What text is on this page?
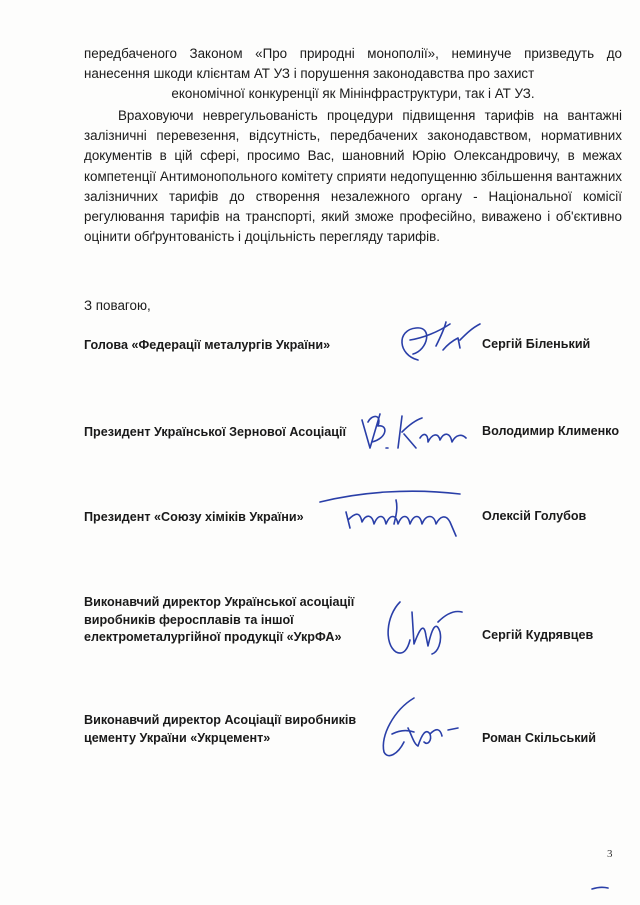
передбаченого Законом «Про природні монополії», неминуче призведуть до нанесення шкоди клієнтам АТ УЗ і порушення законодавства про захист
економічної конкуренції як Мінінфраструктури, так і АТ УЗ.

Враховуючи неврегульованість процедури підвищення тарифів на вантажні залізничні перевезення, відсутність, передбачених законодавством, нормативних документів в цій сфері, просимо Вас, шановний Юрію Олександровичу, в межах компетенції Антимонопольного комітету сприяти недопущенню збільшення вантажних залізничних тарифів до створення незалежного органу - Національної комісії регулювання тарифів на транспорті, який зможе професійно, виважено і об'єктивно оцінити обґрунтованість і доцільність перегляду тарифів.

З повагою,
Голова «Федерації металургів України»	Сергій Біленький
Президент Української Зернової Асоціації	Володимир Клименко
Президент «Союзу хіміків України»	Олексій Голубов
Виконавчий директор Української асоціації
виробників феросплавів та іншої
електрометалургійної продукції «УкрФА»	Сергій Кудрявцев
Виконавчий директор Асоціації виробників
цементу України «Укрцемент»	Роман Скільський
3
